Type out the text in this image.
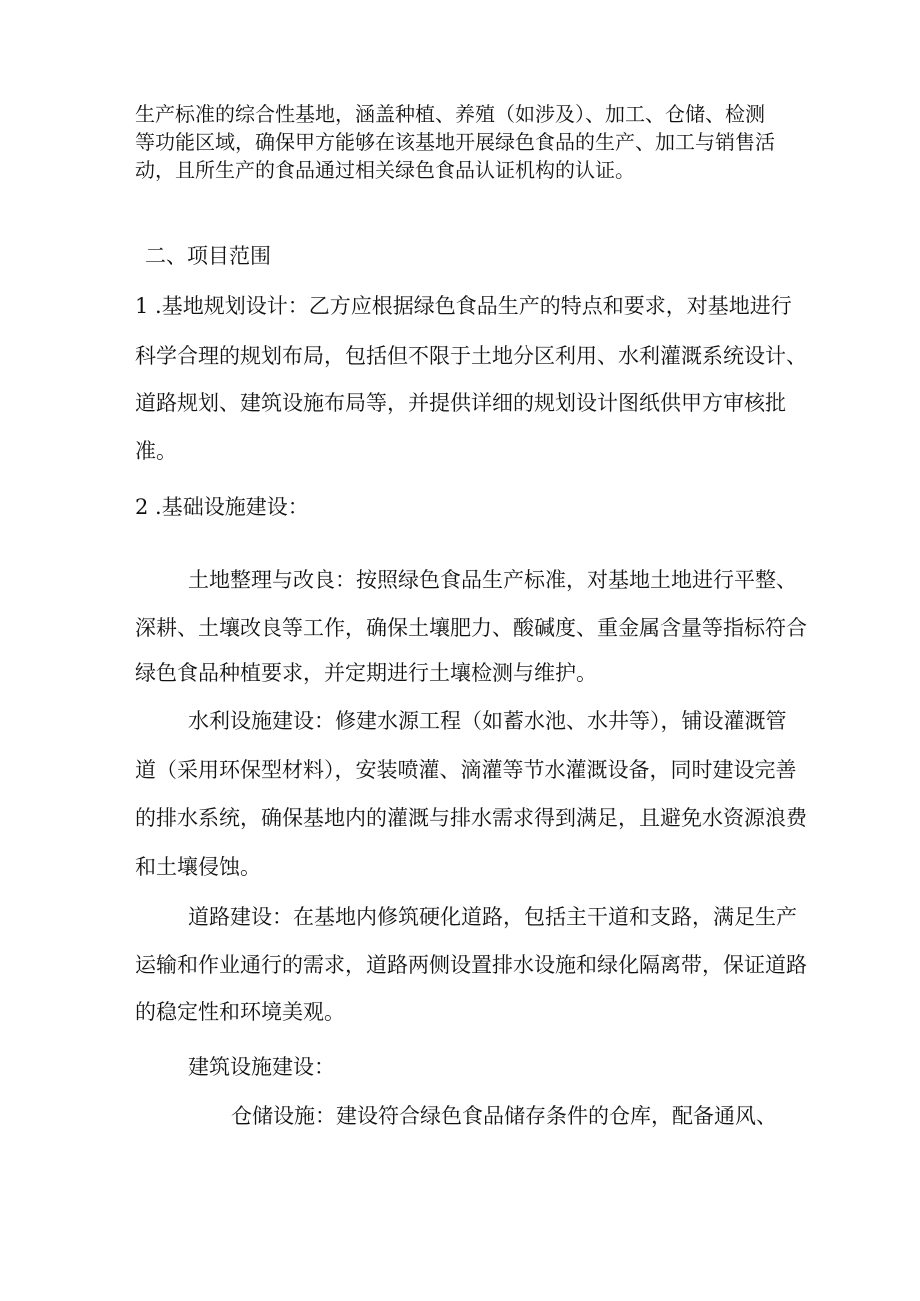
生产标准的综合性基地，涵盖种植、养殖（如涉及）、加工、仓储、检测
等功能区域，确保甲方能够在该基地开展绿色食品的生产、加工与销售活
动，且所生产的食品通过相关绿色食品认证机构的认证。
二、项目范围
1 .基地规划设计：乙方应根据绿色食品生产的特点和要求，对基地进行
科学合理的规划布局，包括但不限于土地分区利用、水利灌溉系统设计、
道路规划、建筑设施布局等，并提供详细的规划设计图纸供甲方审核批
准。
2 .基础设施建设：
土地整理与改良：按照绿色食品生产标准，对基地土地进行平整、
深耕、土壤改良等工作，确保土壤肥力、酸碱度、重金属含量等指标符合
绿色食品种植要求，并定期进行土壤检测与维护。
水利设施建设：修建水源工程（如蓄水池、水井等），铺设灌溉管
道（采用环保型材料），安装喷灌、滴灌等节水灌溉设备，同时建设完善
的排水系统，确保基地内的灌溉与排水需求得到满足，且避免水资源浪费
和土壤侵蚀。
道路建设：在基地内修筑硬化道路，包括主干道和支路，满足生产
运输和作业通行的需求，道路两侧设置排水设施和绿化隔离带，保证道路
的稳定性和环境美观。
建筑设施建设：
仓储设施：建设符合绿色食品储存条件的仓库，配备通风、
